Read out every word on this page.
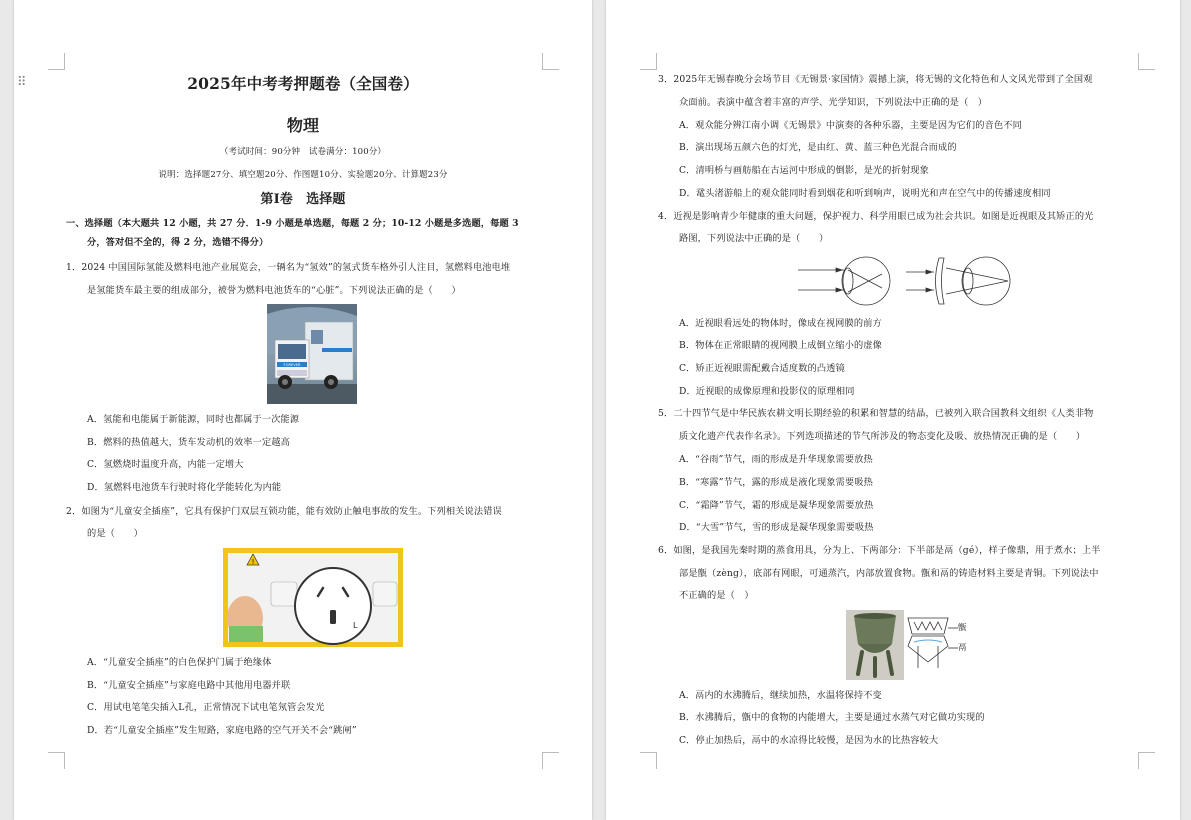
2025年中考考押题卷（全国卷）
物理
（考试时间：90分钟　试卷满分：100分）
说明：选择题27分、填空题20分、作图题10分、实验题20分、计算题23分
第Ⅰ卷　选择题
一、选择题（本大题共 12 小题，共 27 分．1-9 小题是单选题，每题 2 分；10-12 小题是多选题，每题 3
分，答对但不全的，得 2 分，选错不得分）
1．2024 中国国际氢能及燃料电池产业展览会，一辆名为“氢效”的氢式货车格外引人注目，氢燃料电池电堆
是氢能货车最主要的组成部分，被誉为燃料电池货车的“心脏”。下列说法正确的是（　　）
FOREVER
A．氢能和电能属于新能源，同时也都属于一次能源
B．燃料的热值越大，货车发动机的效率一定越高
C．氢燃烧时温度升高，内能一定增大
D．氢燃料电池货车行驶时将化学能转化为内能
2．如图为“儿童安全插座”，它具有保护门双层互锁功能，能有效防止触电事故的发生。下列相关说法错误
的是（　　）
!
L
A．“儿童安全插座”的白色保护门属于绝缘体
B．“儿童安全插座”与家庭电路中其他用电器并联
C．用试电笔笔尖插入L孔，正常情况下试电笔氖管会发光
D．若“儿童安全插座”发生短路，家庭电路的空气开关不会“跳闸”
⠿	3．2025年无锡春晚分会场节目《无锡景·家国情》震撼上演，将无锡的文化特色和人文风光带到了全国观
众面前。表演中蕴含着丰富的声学、光学知识，下列说法中正确的是（　）
A．观众能分辨江南小调《无锡景》中演奏的各种乐器，主要是因为它们的音色不同
B．演出现场五颜六色的灯光，是由红、黄、蓝三种色光混合而成的
C．清明桥与画舫船在古运河中形成的倒影，是光的折射现象
D．鼋头渚游船上的观众能同时看到烟花和听到响声，说明光和声在空气中的传播速度相同
4．近视是影响青少年健康的重大问题，保护视力、科学用眼已成为社会共识。如图是近视眼及其矫正的光
路图，下列说法中正确的是（　　）
A．近视眼看远处的物体时，像成在视网膜的前方
B．物体在正常眼睛的视网膜上成倒立缩小的虚像
C．矫正近视眼需配戴合适度数的凸透镜
D．近视眼的成像原理和投影仪的原理相同
5．二十四节气是中华民族农耕文明长期经验的积累和智慧的结晶，已被列入联合国教科文组织《人类非物
质文化遗产代表作名录》。下列选项描述的节气所涉及的物态变化及吸、放热情况正确的是（　　）
A．“谷雨”节气，雨的形成是升华现象需要放热
B．“寒露”节气，露的形成是液化现象需要吸热
C．“霜降”节气，霜的形成是凝华现象需要放热
D．“大雪”节气，雪的形成是凝华现象需要吸热
6．如图，是我国先秦时期的蒸食用具，分为上、下两部分：下半部是鬲（gé），样子像鼎，用于煮水；上半
部是甑（zèng），底部有网眼，可通蒸汽，内部放置食物。甑和鬲的铸造材料主要是青铜。下列说法中
不正确的是（　）
甑
鬲
A．鬲内的水沸腾后，继续加热，水温将保持不变
B．水沸腾后，甑中的食物的内能增大，主要是通过水蒸气对它做功实现的
C．停止加热后，鬲中的水凉得比较慢，是因为水的比热容较大
